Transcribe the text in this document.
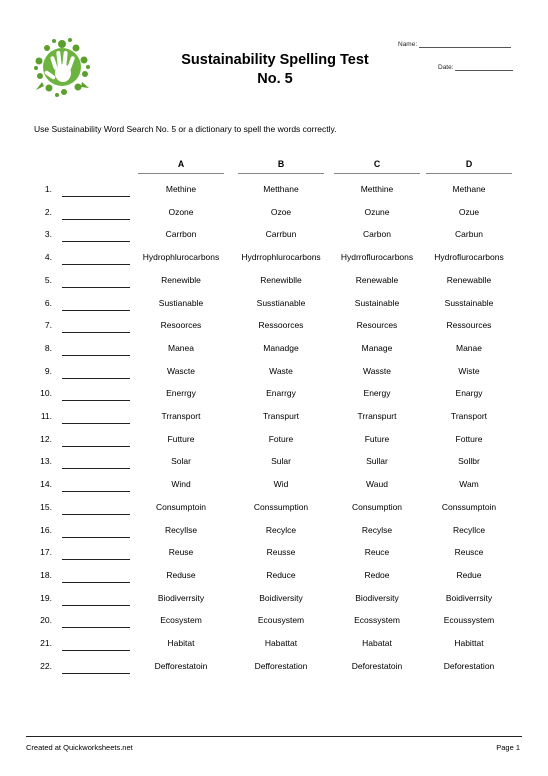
Sustainability Spelling Test
No. 5
Name:
Date:
Use Sustainability Word Search No. 5 or a dictionary to spell the words correctly.
A	B	C	D
1.	Methine	Metthane	Metthine	Methane
2.	Ozone	Ozoe	Ozune	Ozue
3.	Carrbon	Carrbun	Carbon	Carbun
4.	Hydrophlurocarbons	Hydrrophlurocarbons	Hydrroflurocarbons	Hydroflurocarbons
5.	Renewible	Renewiblle	Renewable	Renewablle
6.	Sustianable	Susstianable	Sustainable	Susstainable
7.	Resoorces	Ressoorces	Resources	Ressources
8.	Manea	Manadge	Manage	Manae
9.	Wascte	Waste	Wasste	Wiste
10.	Enerrgy	Enarrgy	Energy	Enargy
11.	Trransport	Transpurt	Trranspurt	Transport
12.	Futture	Foture	Future	Fotture
13.	Solar	Sular	Sullar	Sollbr
14.	Wind	Wid	Waud	Wam
15.	Consumptoin	Conssumption	Consumption	Conssumptoin
16.	Recyllse	Recylce	Recylse	Recyllce
17.	Reuse	Reusse	Reuce	Reusce
18.	Reduse	Reduce	Redoe	Redue
19.	Biodiverrsity	Boidiversity	Biodiversity	Boidiverrsity
20.	Ecosystem	Ecousystem	Ecossystem	Ecoussystem
21.	Habitat	Habattat	Habatat	Habittat
22.	Defforestatoin	Defforestation	Deforestatoin	Deforestation
Created at Quickworksheets.net	Page 1
